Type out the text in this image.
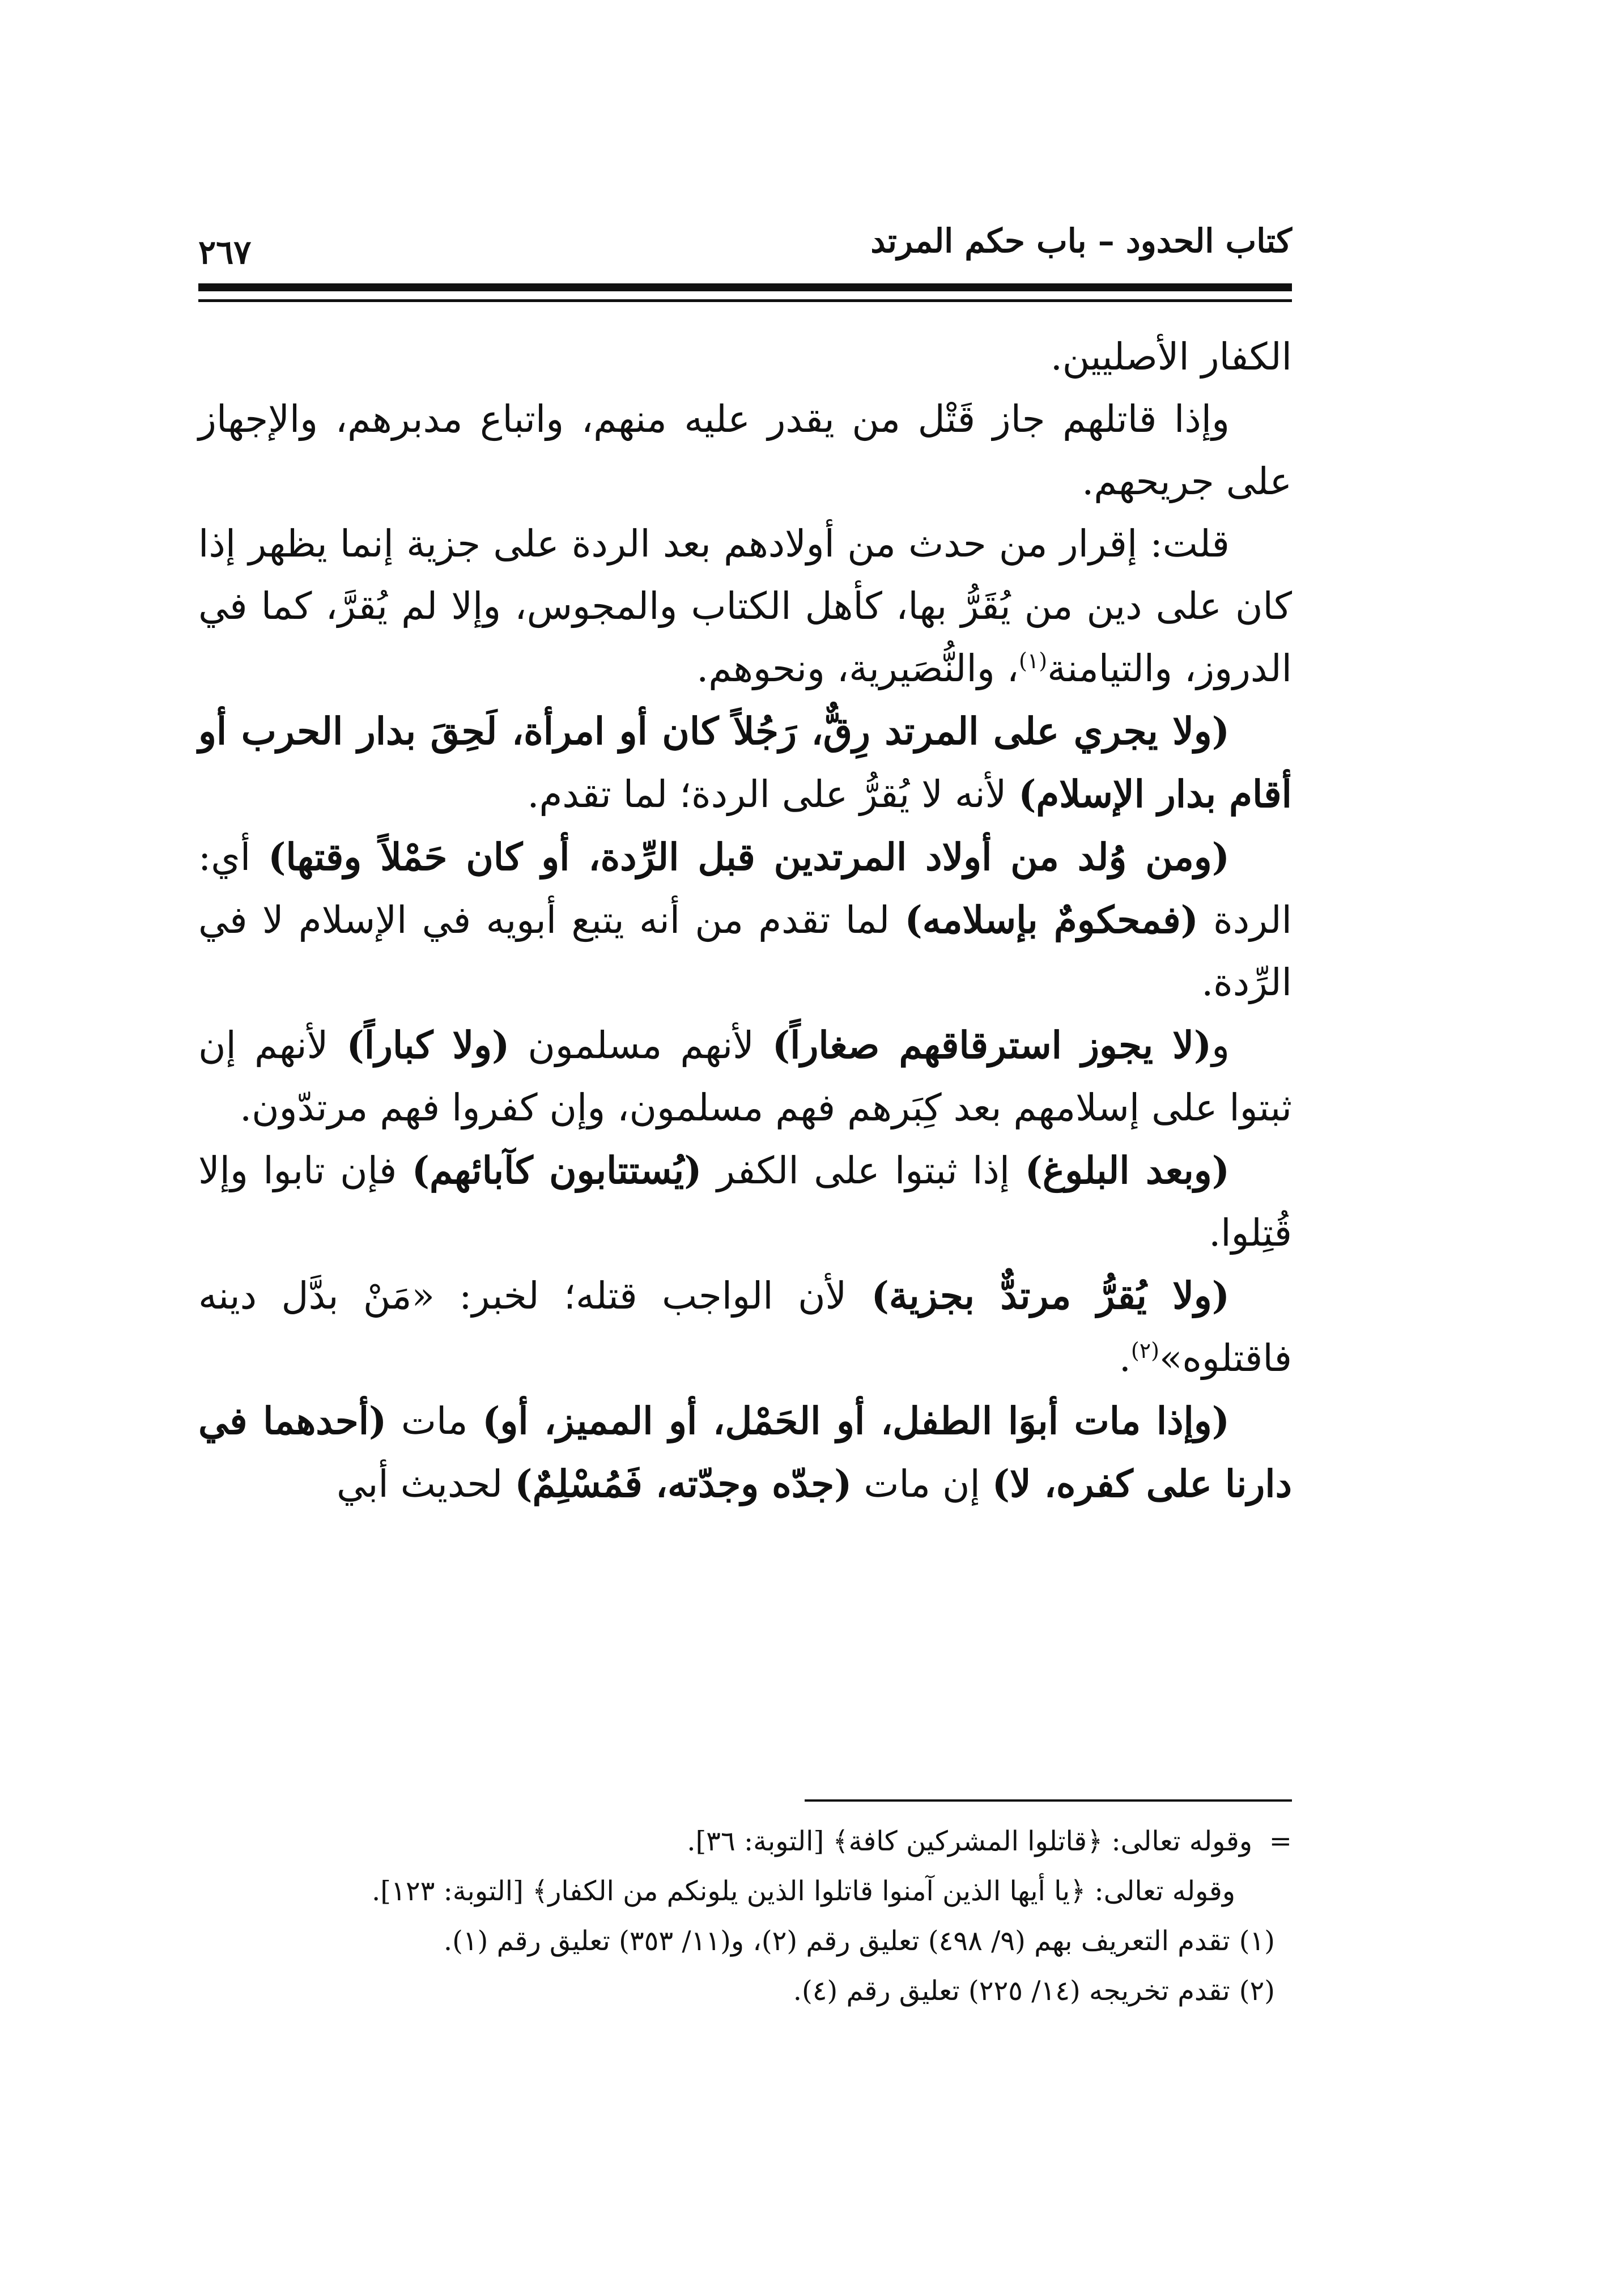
كتاب الحدود – باب حكم المرتد
٢٦٧

الكفار الأصليين.

وإذا قاتلهم جاز قَتْل من يقدر عليه منهم، واتباع مدبرهم، والإجهاز على جريحهم.

قلت: إقرار من حدث من أولادهم بعد الردة على جزية إنما يظهر إذا كان على دين من يُقَرُّ بها، كأهل الكتاب والمجوس، وإلا لم يُقرَّ، كما في الدروز، والتيامنة$^{(١)}$، والنُّصَيرية، ونحوهم.

(ولا يجري على المرتد رِقٌّ، رَجُلاً كان أو امرأة، لَحِقَ بدار الحرب أو أقام بدار الإسلام) لأنه لا يُقرُّ على الردة؛ لما تقدم.

(ومن وُلد من أولاد المرتدين قبل الرِّدة، أو كان حَمْلاً وقتها) أي: الردة (فمحكومٌ بإسلامه) لما تقدم من أنه يتبع أبويه في الإسلام لا في الرِّدة.

و(لا يجوز استرقاقهم صغاراً) لأنهم مسلمون (ولا كباراً) لأنهم إن ثبتوا على إسلامهم بعد كِبَرهم فهم مسلمون، وإن كفروا فهم مرتدّون.

(وبعد البلوغ) إذا ثبتوا على الكفر (يُستتابون كآبائهم) فإن تابوا وإلا قُتِلوا.

(ولا يُقرُّ مرتدٌّ بجزية) لأن الواجب قتله؛ لخبر: «مَنْ بدَّل دينه فاقتلوه»$^{(٢)}$.

(وإذا مات أبوَا الطفل، أو الحَمْل، أو المميز، أو) مات (أحدهما في دارنا على كفره، لا) إن مات (جدّه وجدّته، فَمُسْلِمٌ) لحديث أبي

=وقوله تعالى: ﴿قاتلوا المشركين كافة﴾ [التوبة: ٣٦].

وقوله تعالى: ﴿يا أيها الذين آمنوا قاتلوا الذين يلونكم من الكفار﴾ [التوبة: ١٢٣].

(١)تقدم التعريف بهم (٩/ ٤٩٨) تعليق رقم (٢)، و(١١/ ٣٥٣) تعليق رقم (١).

(٢)تقدم تخريجه (١٤/ ٢٢٥) تعليق رقم (٤).
